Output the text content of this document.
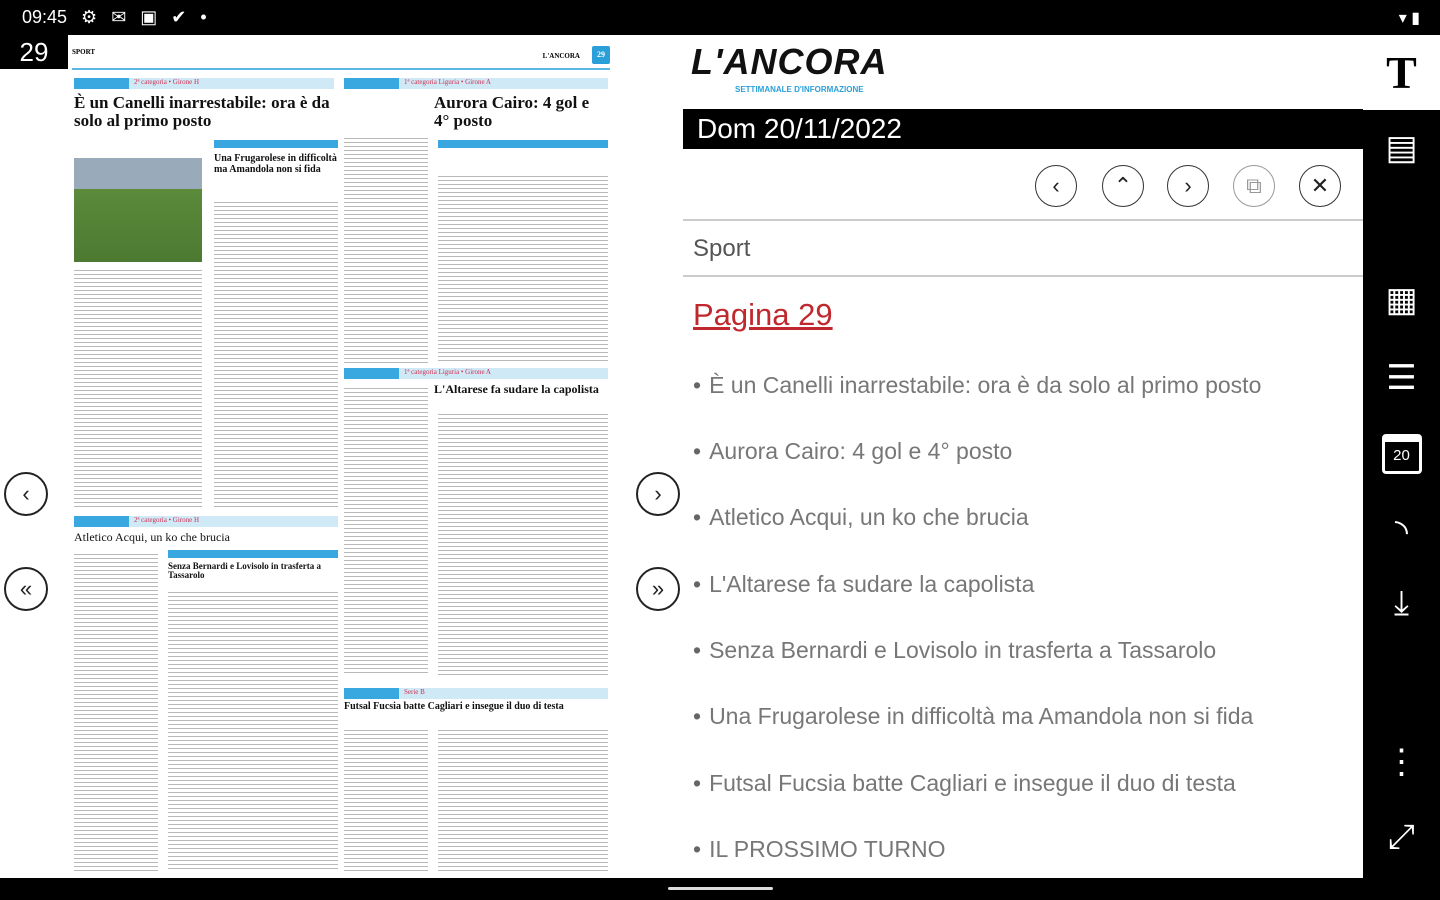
09:45 ⚙ ✉ ▣ ✔ •	▾ ▮
SPORT	L'ANCORA	29
2ª categoria • Girone H	1ª categoria Liguria • Girone A
È un Canelli inarrestabile: ora è da solo al primo posto
Aurora Cairo: 4 gol e 4° posto
Una Frugarolese in difficoltà ma Amandola non si fida
1ª categoria Liguria • Girone A
L'Altarese fa sudare la capolista
2ª categoria • Girone H
Atletico Acqui, un ko che brucia
Senza Bernardi e Lovisolo in trasferta a Tassarolo
Serie B
Futsal Fucsia batte Cagliari e insegue il duo di testa
29
‹
«
›
»
L'ANCORA
SETTIMANALE D'INFORMAZIONE
Dom 20/11/2022
‹ ⌃ › ⧉ ✕
Sport
Pagina 29
• È un Canelli inarrestabile: ora è da solo al primo posto
• Aurora Cairo: 4 gol e 4° posto
• Atletico Acqui, un ko che brucia
• L'Altarese fa sudare la capolista
• Senza Bernardi e Lovisolo in trasferta a Tassarolo
• Una Frugarolese in difficoltà ma Amandola non si fida
• Futsal Fucsia batte Cagliari e insegue il duo di testa
• IL PROSSIMO TURNO
T
▤
▦
☰
20
◝
⤓
⋮
⤢
